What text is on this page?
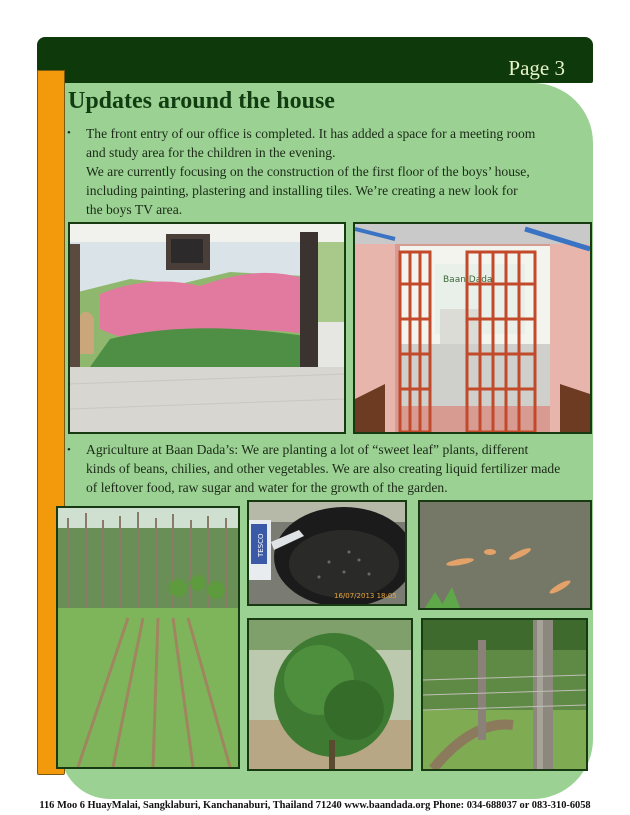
Page 3
Updates around the house
• The front entry of our office is completed. It has added a space for a meeting room

and study area for the children in the evening.

We are currently focusing on the construction of the first floor of the boys’ house,

including painting, plastering and installing tiles. We’re creating a new look for

the boys TV area.

Baan Dada
• Agriculture at Baan Dada’s: We are planting a lot of “sweet leaf” plants, different

kinds of beans, chilies, and other vegetables. We are also creating liquid fertilizer made

of leftover food, raw sugar and water for the growth of the garden.

TESCO
16/07/2013 18:05
116 Moo 6 HuayMalai, Sangklaburi, Kanchanaburi, Thailand 71240 www.baandada.org Phone: 034-688037 or 083-310-6058
